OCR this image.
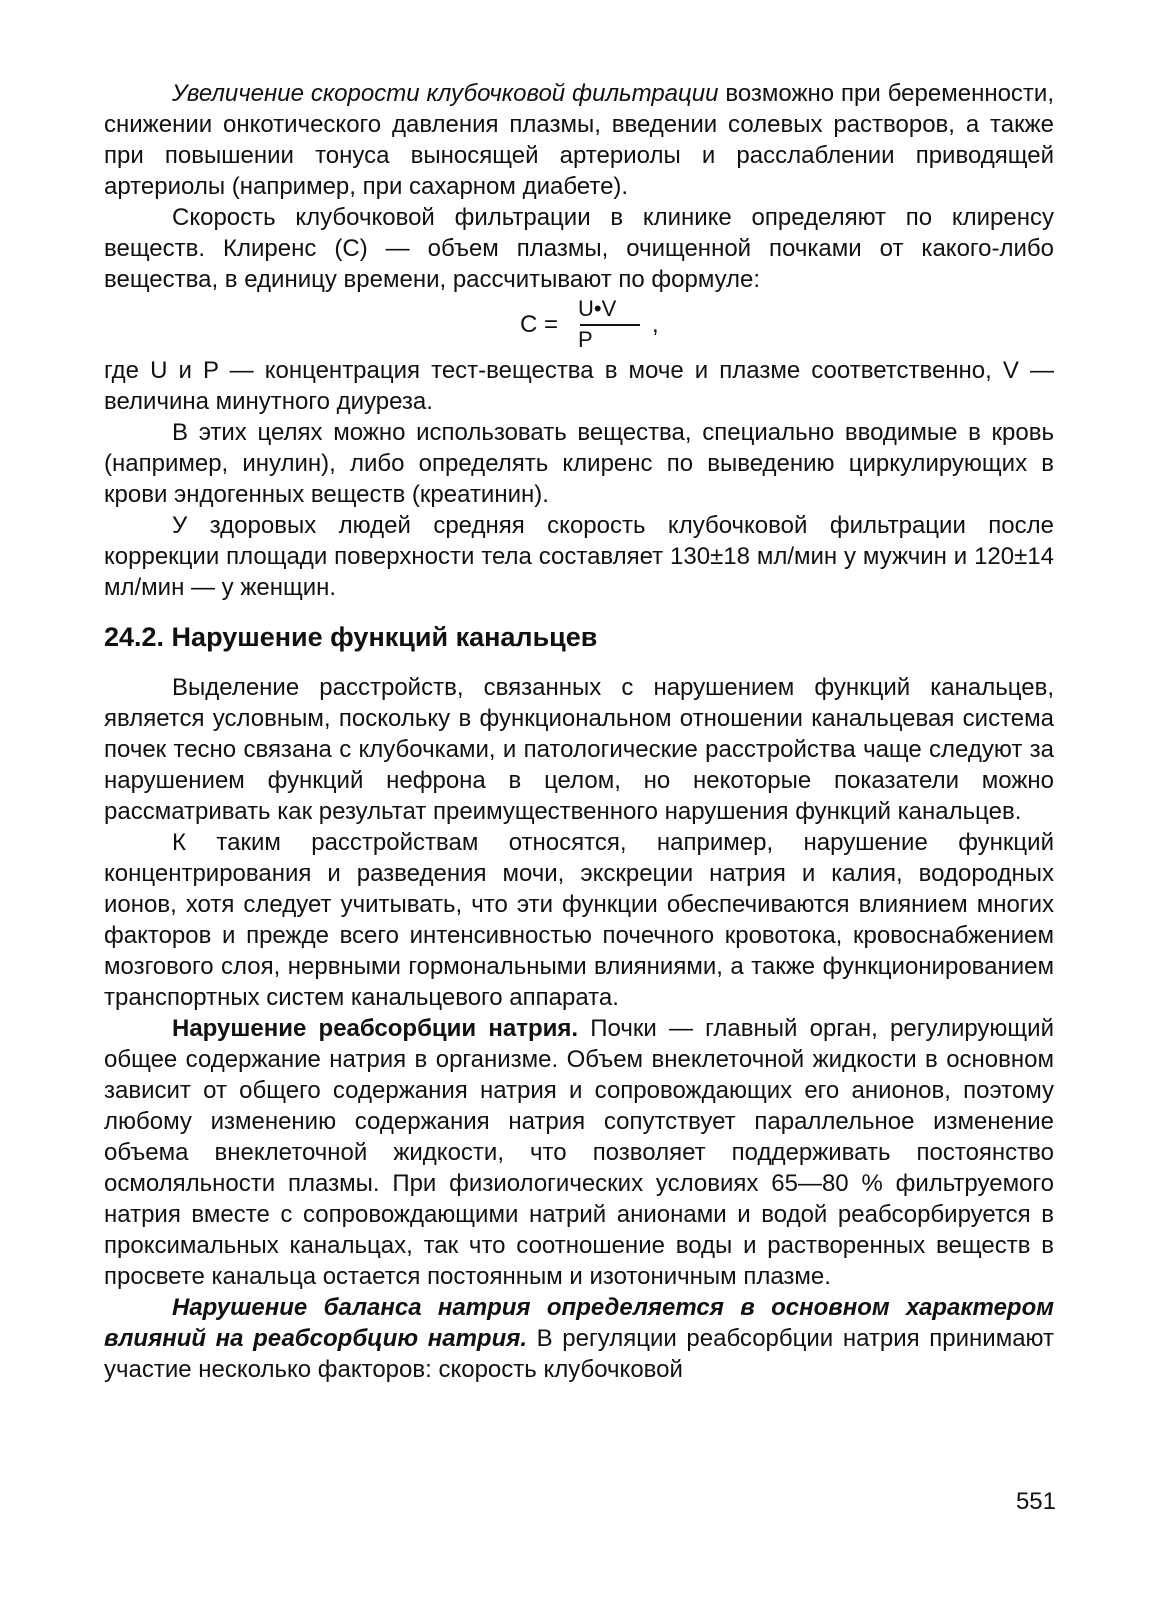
Увеличение скорости клубочковой фильтрации возможно при беременности, снижении онкотического давления плазмы, введении солевых растворов, а также при повышении тонуса выносящей артериолы и расслаблении приводящей артериолы (например, при сахарном диабете).

Скорость клубочковой фильтрации в клинике определяют по клиренсу веществ. Клиренс (С) — объем плазмы, очищенной почками от какого-либо вещества, в единицу времени, рассчитывают по формуле:

C =
U•V
P
,

где U и P — концентрация тест-вещества в моче и плазме соответственно, V — величина минутного диуреза.

В этих целях можно использовать вещества, специально вводимые в кровь (например, инулин), либо определять клиренс по выведению циркулирующих в крови эндогенных веществ (креатинин).

У здоровых людей средняя скорость клубочковой фильтрации после коррекции площади поверхности тела составляет 130±18 мл/мин у мужчин и 120±14 мл/мин — у женщин.

24.2. Нарушение функций канальцев

Выделение расстройств, связанных с нарушением функций канальцев, является условным, поскольку в функциональном отношении канальцевая система почек тесно связана с клубочками, и патологические расстройства чаще следуют за нарушением функций нефрона в целом, но некоторые показатели можно рассматривать как результат преимущественного нарушения функций канальцев.

К таким расстройствам относятся, например, нарушение функций концентрирования и разведения мочи, экскреции натрия и калия, водородных ионов, хотя следует учитывать, что эти функции обеспечиваются влиянием многих факторов и прежде всего интенсивностью почечного кровотока, кровоснабжением мозгового слоя, нервными гормональными влияниями, а также функционированием транспортных систем канальцевого аппарата.

Нарушение реабсорбции натрия. Почки — главный орган, регулирующий общее содержание натрия в организме. Объем внеклеточной жидкости в основном зависит от общего содержания натрия и сопровождающих его анионов, поэтому любому изменению содержания натрия сопутствует параллельное изменение объема внеклеточной жидкости, что позволяет поддерживать постоянство осмоляльности плазмы. При физиологических условиях 65—80 % фильтруемого натрия вместе с сопровождающими натрий анионами и водой реабсорбируется в проксимальных канальцах, так что соотношение воды и растворенных веществ в просвете канальца остается постоянным и изотоничным плазме.

Нарушение баланса натрия определяется в основном характером влияний на реабсорбцию натрия. В регуляции реабсорбции натрия принимают участие несколько факторов: скорость клубочковой

551
